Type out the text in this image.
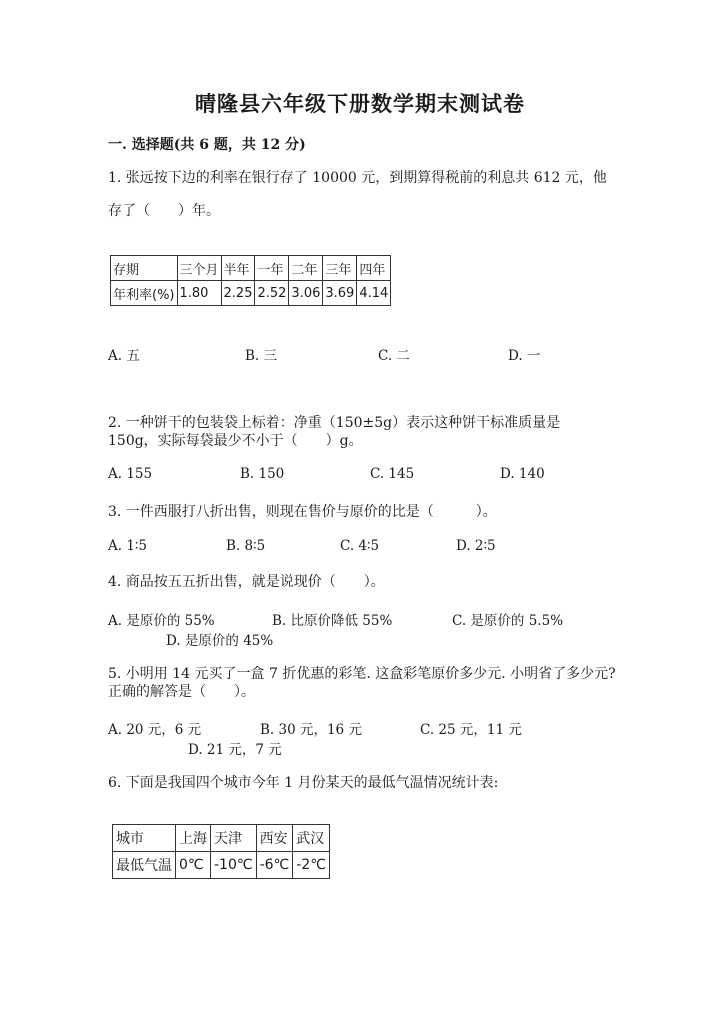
晴隆县六年级下册数学期末测试卷
一. 选择题(共 6 题，共 12 分)
1. 张远按下边的利率在银行存了 10000 元，到期算得税前的利息共 612 元，他
存了（　　）年。
存期	三个月	半年	一年	二年	三年	四年
年利率(%)	1.80	2.25	2.52	3.06	3.69	4.14
A. 五	B. 三	C. 二	D. 一
2. 一种饼干的包装袋上标着：净重（150±5g）表示这种饼干标准质量是
150g，实际每袋最少不小于（　　）g。
A. 155	B. 150	C. 145	D. 140
3. 一件西服打八折出售，则现在售价与原价的比是（　　　）。
A. 1∶5	B. 8∶5	C. 4∶5	D. 2∶5
4. 商品按五五折出售，就是说现价（　　）。
A. 是原价的 55%	B. 比原价降低 55%	C. 是原价的 5.5%
D. 是原价的 45%
5. 小明用 14 元买了一盒 7 折优惠的彩笔. 这盒彩笔原价多少元. 小明省了多少元?
正确的解答是（　　）。
A. 20 元，6 元	B. 30 元，16 元	C. 25 元，11 元
D. 21 元，7 元
6. 下面是我国四个城市今年 1 月份某天的最低气温情况统计表:
城市	上海	天津	西安	武汉
最低气温	0℃	-10℃	-6℃	-2℃
